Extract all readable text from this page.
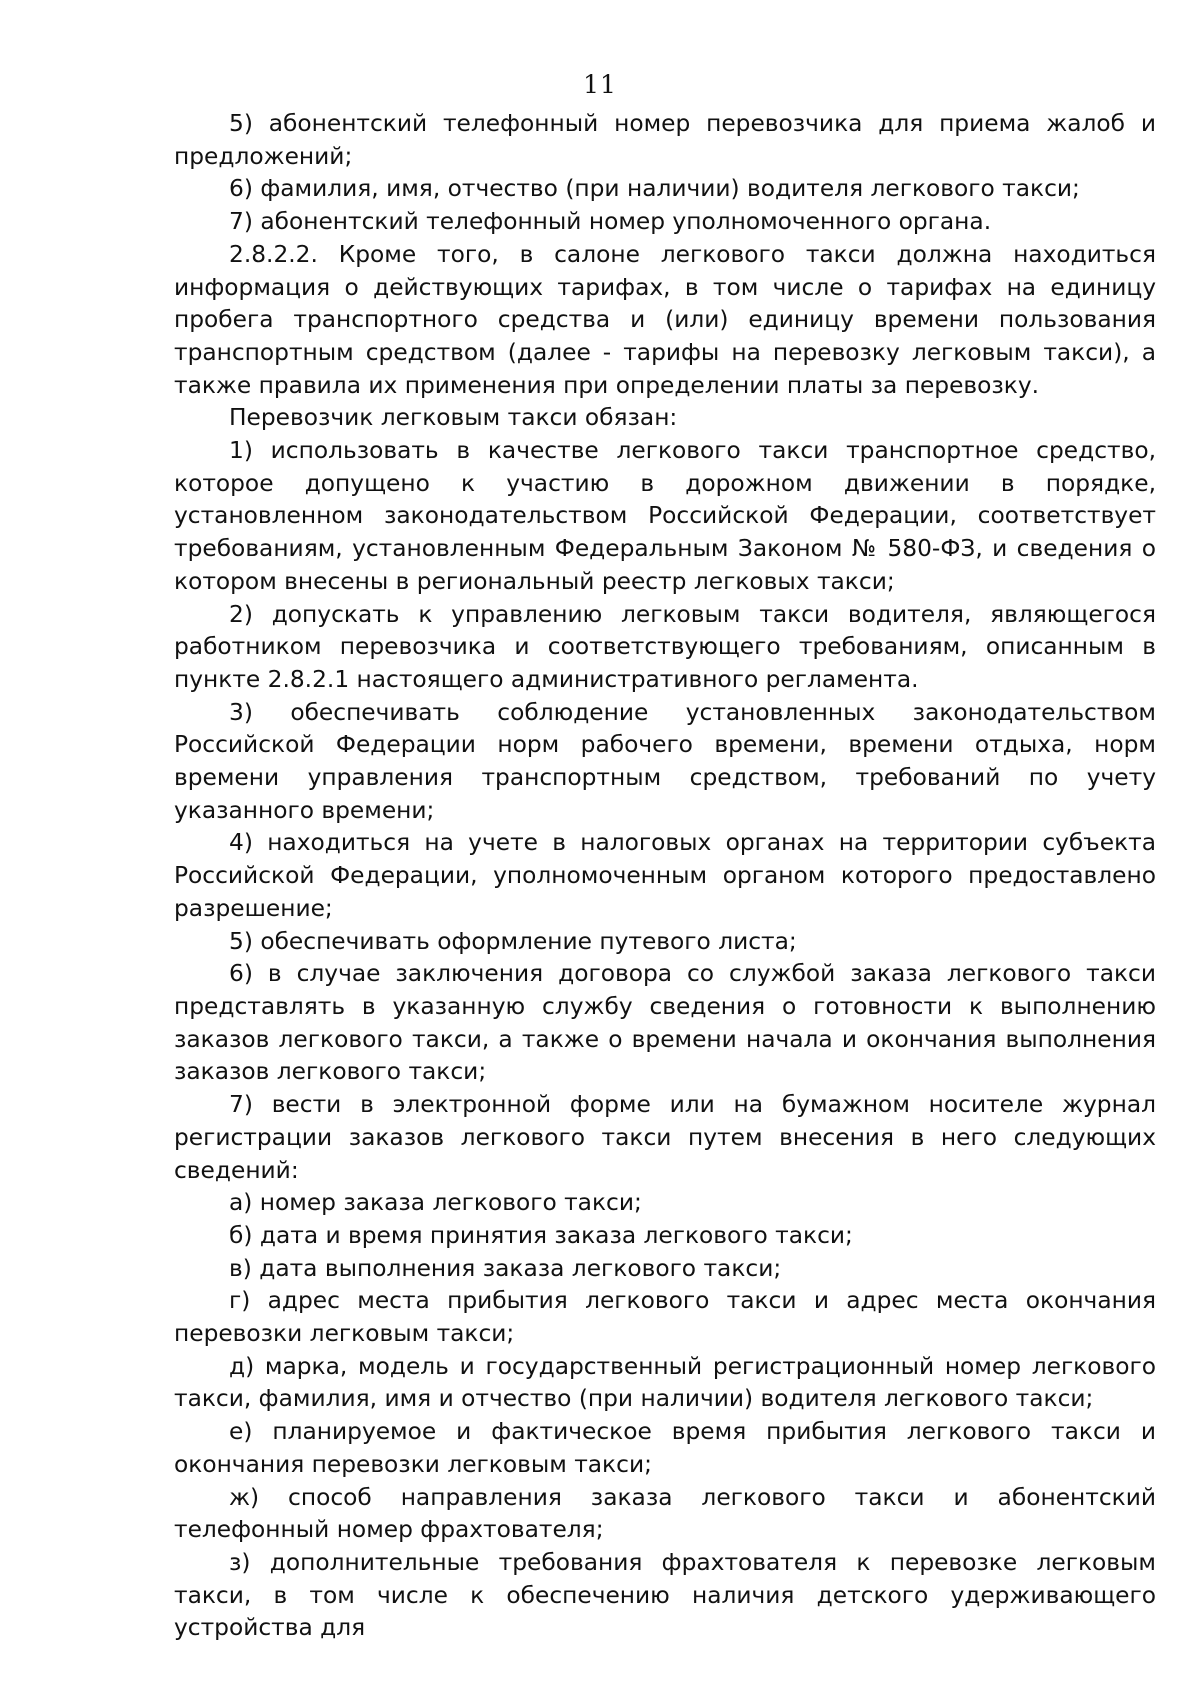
11

5) абонентский телефонный номер перевозчика для приема жалоб и предложений;

6) фамилия, имя, отчество (при наличии) водителя легкового такси;

7) абонентский телефонный номер уполномоченного органа.

2.8.2.2. Кроме того, в салоне легкового такси должна находиться информация о действующих тарифах, в том числе о тарифах на единицу пробега транспортного средства и (или) единицу времени пользования транспортным средством (далее - тарифы на перевозку легковым такси), а также правила их применения при определении платы за перевозку.

Перевозчик легковым такси обязан:

1) использовать в качестве легкового такси транспортное средство, которое допущено к участию в дорожном движении в порядке, установленном законодательством Российской Федерации, соответствует требованиям, установленным Федеральным Законом № 580-ФЗ, и сведения о котором внесены в региональный реестр легковых такси;

2) допускать к управлению легковым такси водителя, являющегося работником перевозчика и соответствующего требованиям, описанным в пункте 2.8.2.1 настоящего административного регламента.

3) обеспечивать соблюдение установленных законодательством Российской Федерации норм рабочего времени, времени отдыха, норм времени управления транспортным средством, требований по учету указанного времени;

4) находиться на учете в налоговых органах на территории субъекта Российской Федерации, уполномоченным органом которого предоставлено разрешение;

5) обеспечивать оформление путевого листа;

6) в случае заключения договора со службой заказа легкового такси представлять в указанную службу сведения о готовности к выполнению заказов легкового такси, а также о времени начала и окончания выполнения заказов легкового такси;

7) вести в электронной форме или на бумажном носителе журнал регистрации заказов легкового такси путем внесения в него следующих сведений:

а) номер заказа легкового такси;

б) дата и время принятия заказа легкового такси;

в) дата выполнения заказа легкового такси;

г) адрес места прибытия легкового такси и адрес места окончания перевозки легковым такси;

д) марка, модель и государственный регистрационный номер легкового такси, фамилия, имя и отчество (при наличии) водителя легкового такси;

е) планируемое и фактическое время прибытия легкового такси и окончания перевозки легковым такси;

ж) способ направления заказа легкового такси и абонентский телефонный номер фрахтователя;

з) дополнительные требования фрахтователя к перевозке легковым такси, в том числе к обеспечению наличия детского удерживающего устройства для
